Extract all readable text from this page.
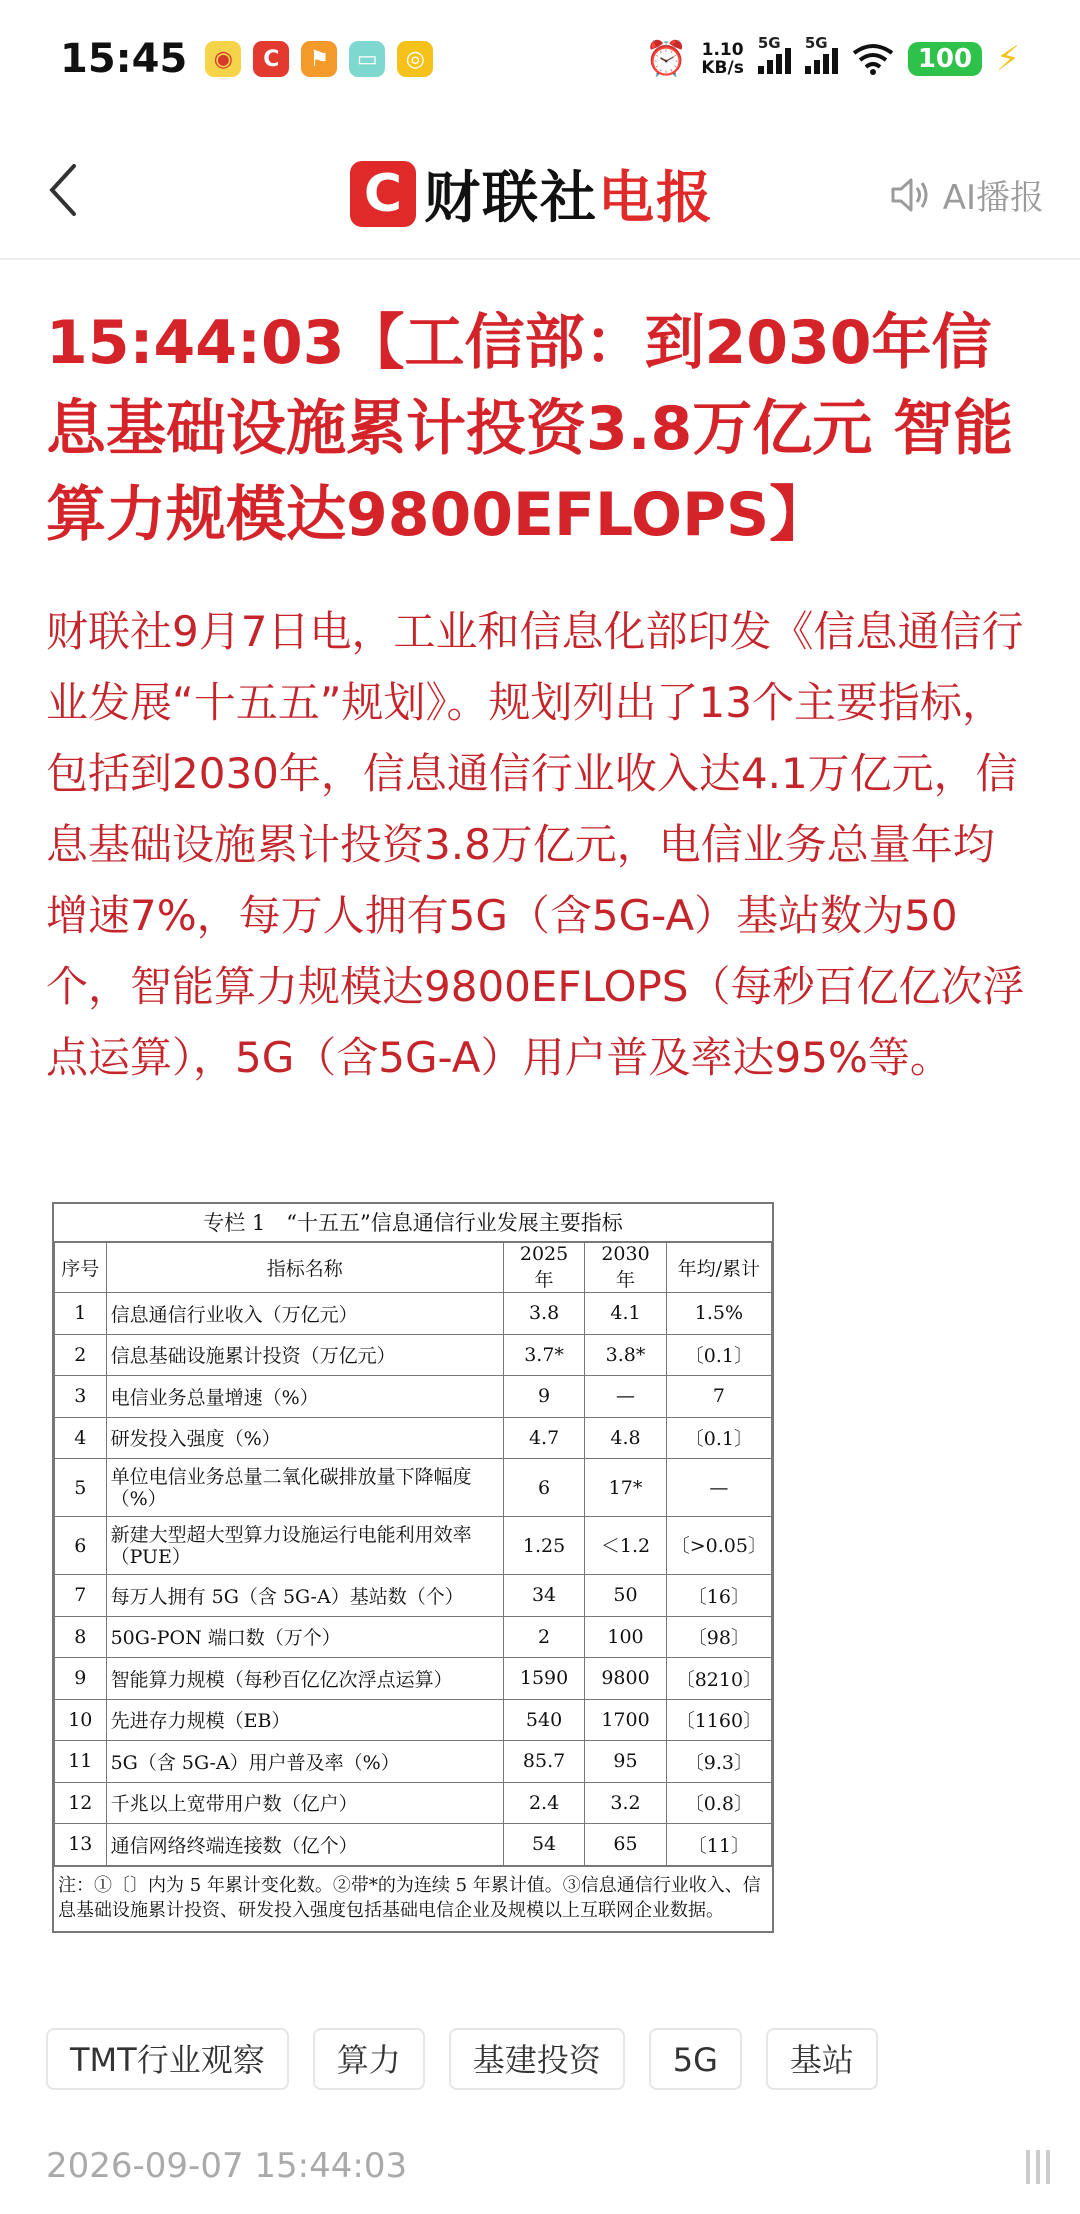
15:45	◉	C	⚑	▭	◎	⏰ 1.10
KB/s
5G 5G
100 ⚡
C 财联社电报	AI播报
15:44:03【工信部：到2030年信息基础设施累计投资3.8万亿元 智能算力规模达9800EFLOPS】
财联社9月7日电，工业和信息化部印发《信息通信行业发展“十五五”规划》。规划列出了13个主要指标，包括到2030年，信息通信行业收入达4.1万亿元，信息基础设施累计投资3.8万亿元，电信业务总量年均增速7%，每万人拥有5G（含5G-A）基站数为50个，智能算力规模达9800EFLOPS（每秒百亿亿次浮点运算），5G（含5G-A）用户普及率达95%等。
专栏 1　“十五五”信息通信行业发展主要指标
序号	指标名称	2025 年	2030 年	年均/累计
1	信息通信行业收入（万亿元）	3.8	4.1	1.5%
2	信息基础设施累计投资（万亿元）	3.7*	3.8*	〔0.1〕
3	电信业务总量增速（%）	9	—	7
4	研发投入强度（%）	4.7	4.8	〔0.1〕
5	单位电信业务总量二氧化碳排放量下降幅度（%）	6	17*	—
6	新建大型超大型算力设施运行电能利用效率（PUE）	1.25	＜1.2	〔>0.05〕
7	每万人拥有 5G（含 5G-A）基站数（个）	34	50	〔16〕
8	50G-PON 端口数（万个）	2	100	〔98〕
9	智能算力规模（每秒百亿亿次浮点运算）	1590	9800	〔8210〕
10	先进存力规模（EB）	540	1700	〔1160〕
11	5G（含 5G-A）用户普及率（%）	85.7	95	〔9.3〕
12	千兆以上宽带用户数（亿户）	2.4	3.2	〔0.8〕
13	通信网络终端连接数（亿个）	54	65	〔11〕
注：①〔〕内为 5 年累计变化数。②带*的为连续 5 年累计值。③信息通信行业收入、信息基础设施累计投资、研发投入强度包括基础电信企业及规模以上互联网企业数据。
TMT行业观察	算力	基建投资	5G	基站
2026-09-07 15:44:03
